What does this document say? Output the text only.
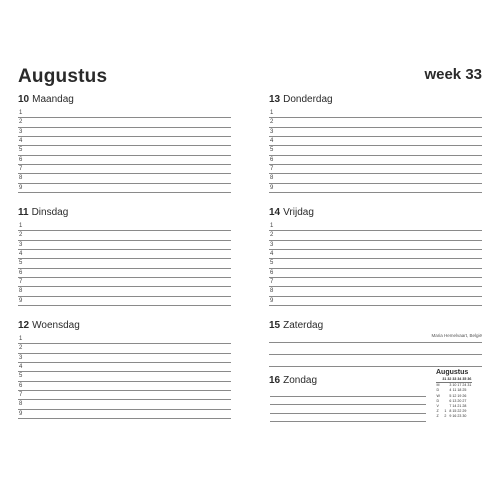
Augustus	week 33
10 Maandag
1
2
3
4
5
6
7
8
9
11 Dinsdag
1
2
3
4
5
6
7
8
9
12 Woensdag
1
2
3
4
5
6
7
8
9
13 Donderdag
1
2
3
4
5
6
7
8
9
14 Vrijdag
1
2
3
4
5
6
7
8
9
15 Zaterdag
Maria Hemelvaart, België
16 Zondag
Augustus
	31	32	33	34	35	36
M		3	10	17	24	31
D		4	11	18	25	
W		5	12	19	26	
D		6	13	20	27	
V		7	14	21	28	
Z	1	8	15	22	29	
Z	2	9	16	23	30	
